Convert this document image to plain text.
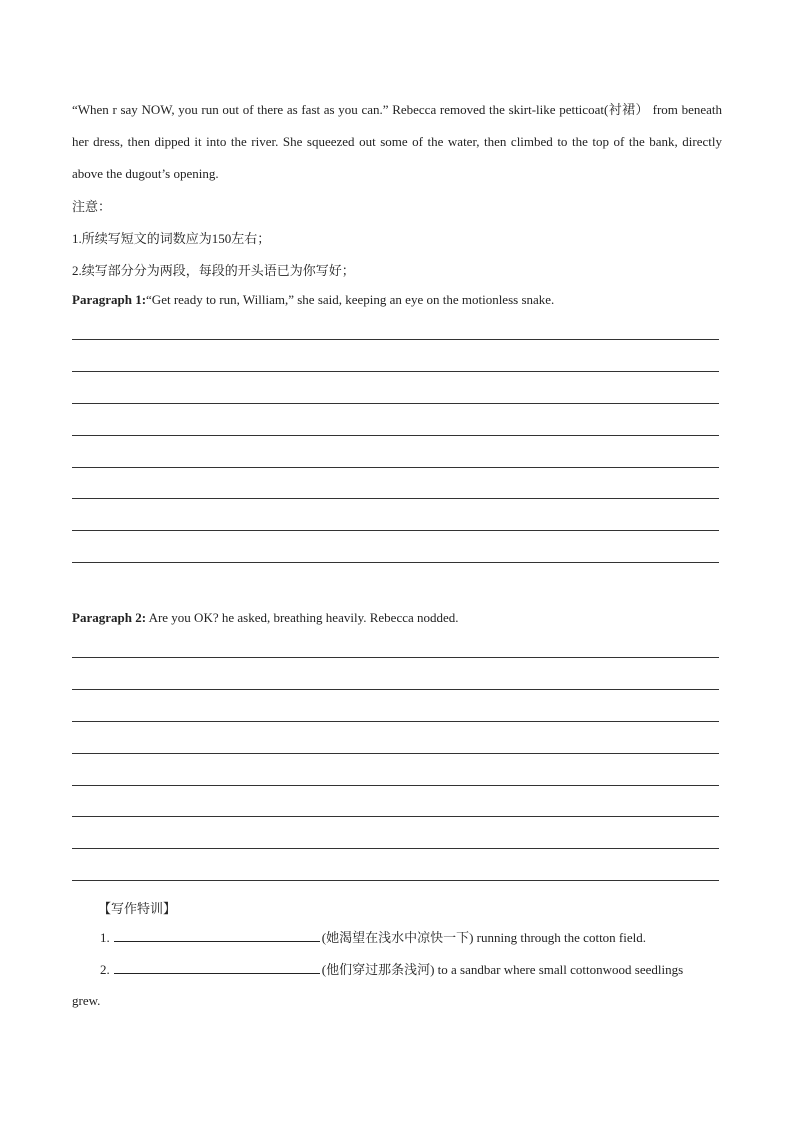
“When r say NOW, you run out of there as fast as you can.” Rebecca removed the skirt-like petticoat(衬裙） from beneath her dress, then dipped it into the river. She squeezed out some of the water, then climbed to the top of the bank, directly above the dugout’s opening.
注意：
1.所续写短文的词数应为150左右；
2.续写部分分为两段，每段的开头语已为你写好；
Paragraph 1:“Get ready to run, William,” she said, keeping an eye on the motionless snake.
Paragraph 2: Are you OK? he asked, breathing heavily. Rebecca nodded.
【写作特训】
1.	(她渴望在浅水中凉快一下) running through the cotton field.
2.	(他们穿过那条浅河) to a sandbar where small cottonwood seedlings
grew.
